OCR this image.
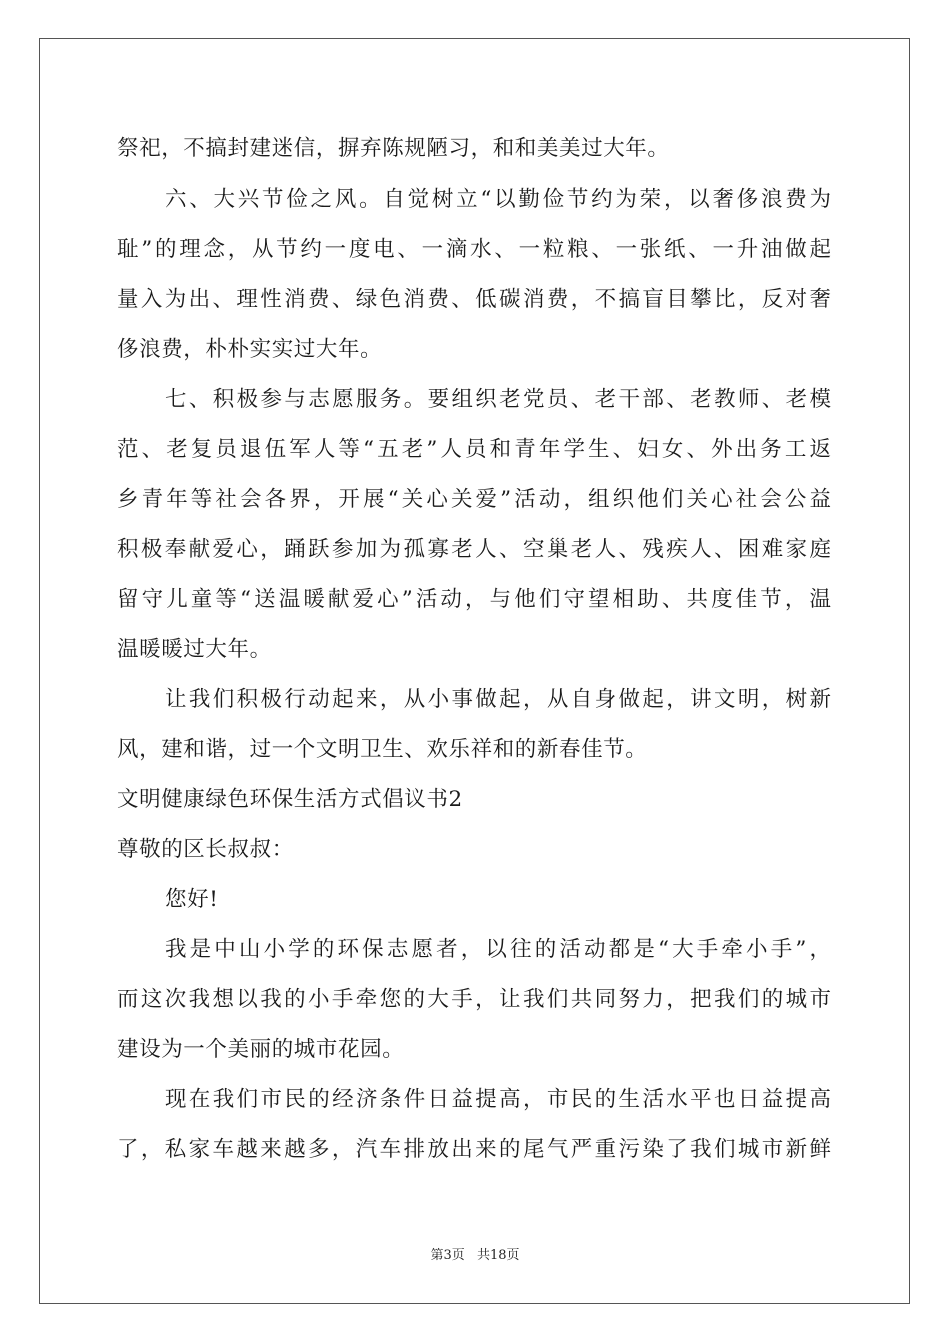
祭祀，不搞封建迷信，摒弃陈规陋习，和和美美过大年。

六、大兴节俭之风。自觉树立“以勤俭节约为荣，以奢侈浪费为

耻”的理念，从节约一度电、一滴水、一粒粮、一张纸、一升油做起

量入为出、理性消费、绿色消费、低碳消费，不搞盲目攀比，反对奢

侈浪费，朴朴实实过大年。

七、积极参与志愿服务。要组织老党员、老干部、老教师、老模

范、老复员退伍军人等“五老”人员和青年学生、妇女、外出务工返

乡青年等社会各界，开展“关心关爱”活动，组织他们关心社会公益

积极奉献爱心，踊跃参加为孤寡老人、空巢老人、残疾人、困难家庭

留守儿童等“送温暖献爱心”活动，与他们守望相助、共度佳节，温

温暖暖过大年。

让我们积极行动起来，从小事做起，从自身做起，讲文明，树新

风，建和谐，过一个文明卫生、欢乐祥和的新春佳节。

文明健康绿色环保生活方式倡议书2

尊敬的区长叔叔：

您好!

我是中山小学的环保志愿者，以往的活动都是“大手牵小手”，

而这次我想以我的小手牵您的大手，让我们共同努力，把我们的城市

建设为一个美丽的城市花园。

现在我们市民的经济条件日益提高，市民的生活水平也日益提高

了，私家车越来越多，汽车排放出来的尾气严重污染了我们城市新鲜

第3页 共18页
